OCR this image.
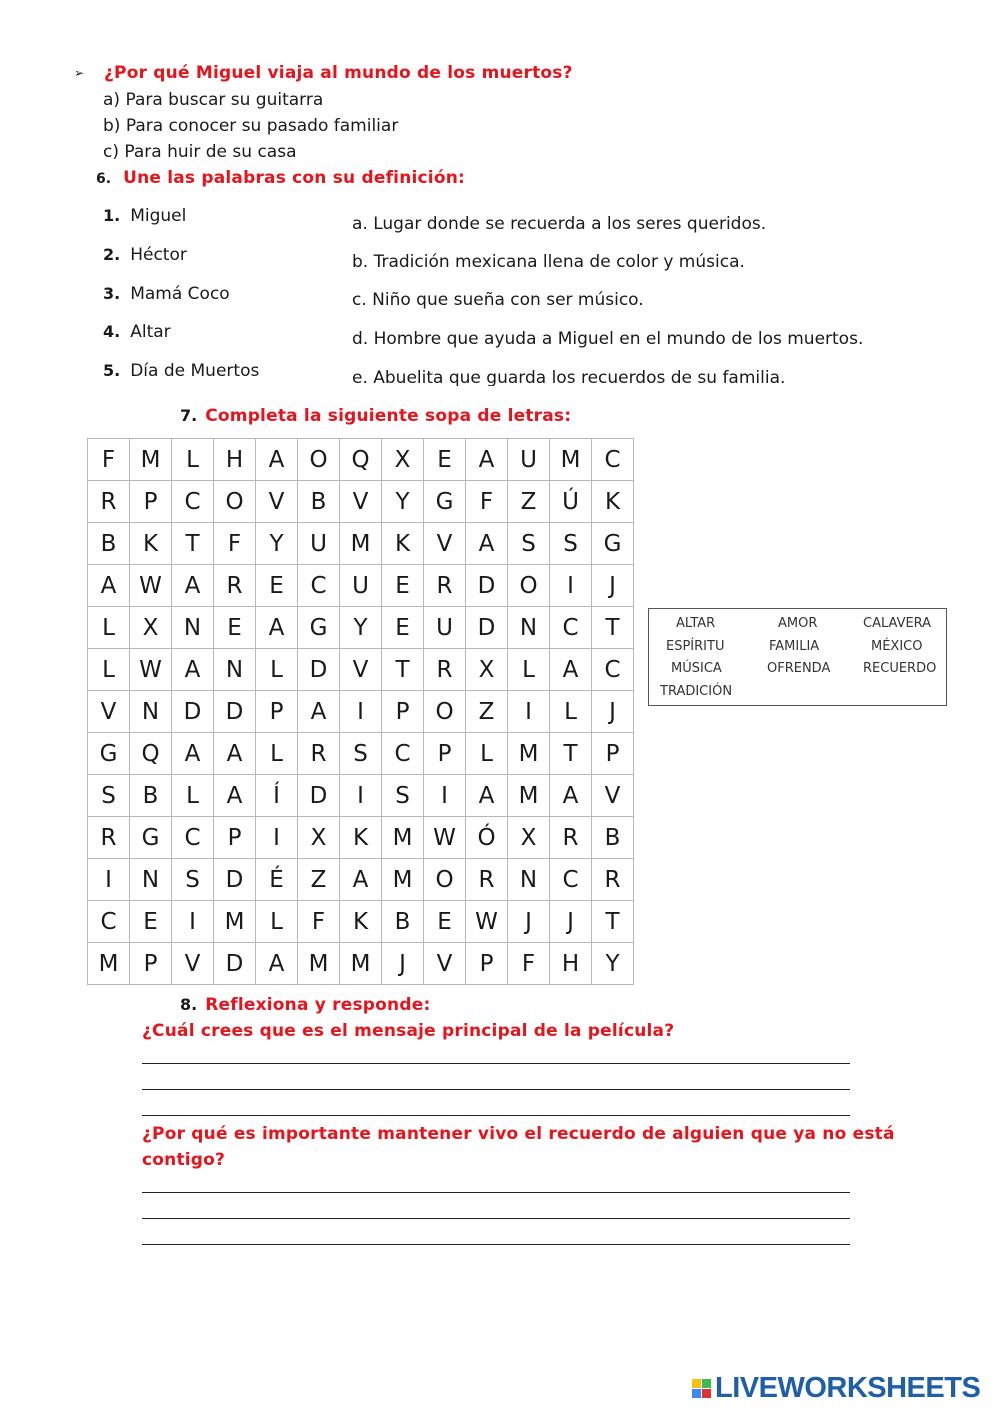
➢ ¿Por qué Miguel viaja al mundo de los muertos?
a) Para buscar su guitarra
b) Para conocer su pasado familiar
c) Para huir de su casa
6. Une las palabras con su definición:
1. Miguel
2. Héctor
3. Mamá Coco
4. Altar
5. Día de Muertos
a. Lugar donde se recuerda a los seres queridos.
b. Tradición mexicana llena de color y música.
c. Niño que sueña con ser músico.
d. Hombre que ayuda a Miguel en el mundo de los muertos.
e. Abuelita que guarda los recuerdos de su familia.
7. Completa la siguiente sopa de letras:
F	M	L	H	A	O	Q	X	E	A	U	M	C
R	P	C	O	V	B	V	Y	G	F	Z	Ú	K
B	K	T	F	Y	U	M	K	V	A	S	S	G
A	W	A	R	E	C	U	E	R	D	O	I	J
L	X	N	E	A	G	Y	E	U	D	N	C	T
L	W	A	N	L	D	V	T	R	X	L	A	C
V	N	D	D	P	A	I	P	O	Z	I	L	J
G	Q	A	A	L	R	S	C	P	L	M	T	P
S	B	L	A	Í	D	I	S	I	A	M	A	V
R	G	C	P	I	X	K	M	W	Ó	X	R	B
I	N	S	D	É	Z	A	M	O	R	N	C	R
C	E	I	M	L	F	K	B	E	W	J	J	T
M	P	V	D	A	M	M	J	V	P	F	H	Y
ALTAR	AMOR	CALAVERA
ESPÍRITU	FAMILIA	MÉXICO
MÚSICA	OFRENDA	RECUERDO
TRADICIÓN
8. Reflexiona y responde:
¿Cuál crees que es el mensaje principal de la película?
¿Por qué es importante mantener vivo el recuerdo de alguien que ya no está
contigo?
LIVEWORKSHEETS
